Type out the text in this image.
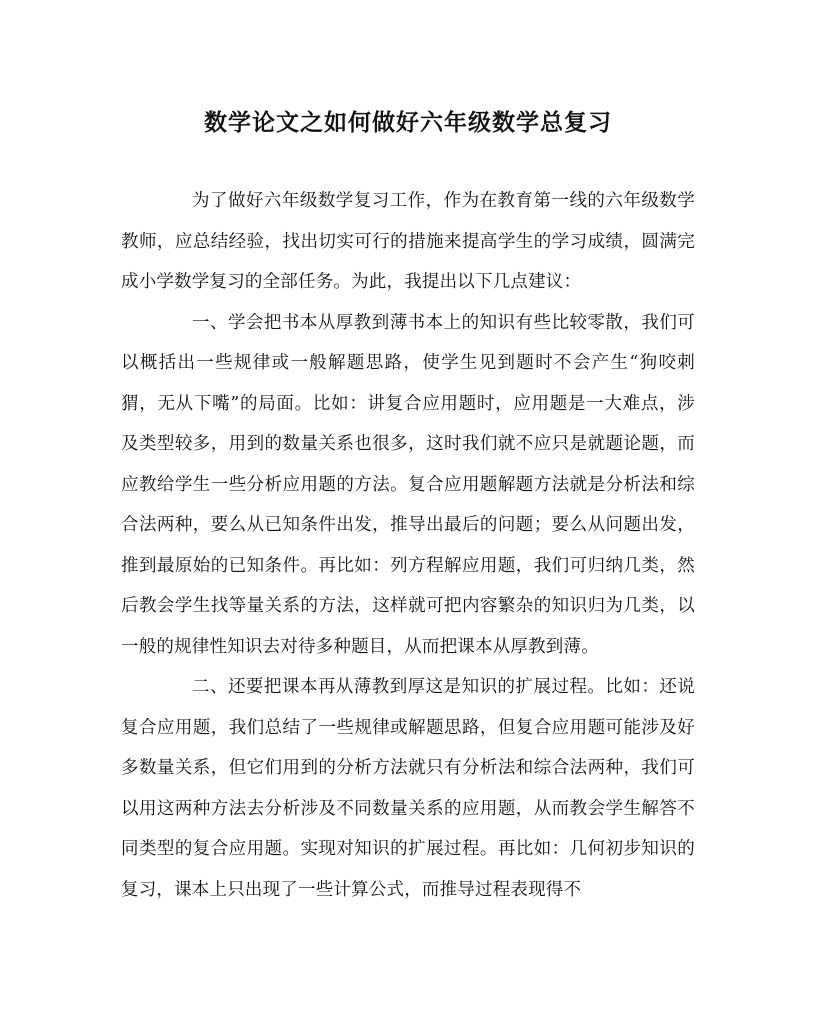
数学论文之如何做好六年级数学总复习

为了做好六年级数学复习工作，作为在教育第一线的六年级数学教师，应总结经验，找出切实可行的措施来提高学生的学习成绩，圆满完成小学数学复习的全部任务。为此，我提出以下几点建议：

一、学会把书本从厚教到薄书本上的知识有些比较零散，我们可以概括出一些规律或一般解题思路，使学生见到题时不会产生“狗咬刺猬，无从下嘴”的局面。比如：讲复合应用题时，应用题是一大难点，涉及类型较多，用到的数量关系也很多，这时我们就不应只是就题论题，而应教给学生一些分析应用题的方法。复合应用题解题方法就是分析法和综合法两种，要么从已知条件出发，推导出最后的问题；要么从问题出发，推到最原始的已知条件。再比如：列方程解应用题，我们可归纳几类，然后教会学生找等量关系的方法，这样就可把内容繁杂的知识归为几类，以一般的规律性知识去对待多种题目，从而把课本从厚教到薄。

二、还要把课本再从薄教到厚这是知识的扩展过程。比如：还说复合应用题，我们总结了一些规律或解题思路，但复合应用题可能涉及好多数量关系，但它们用到的分析方法就只有分析法和综合法两种，我们可以用这两种方法去分析涉及不同数量关系的应用题，从而教会学生解答不同类型的复合应用题。实现对知识的扩展过程。再比如：几何初步知识的复习，课本上只出现了一些计算公式，而推导过程表现得不
